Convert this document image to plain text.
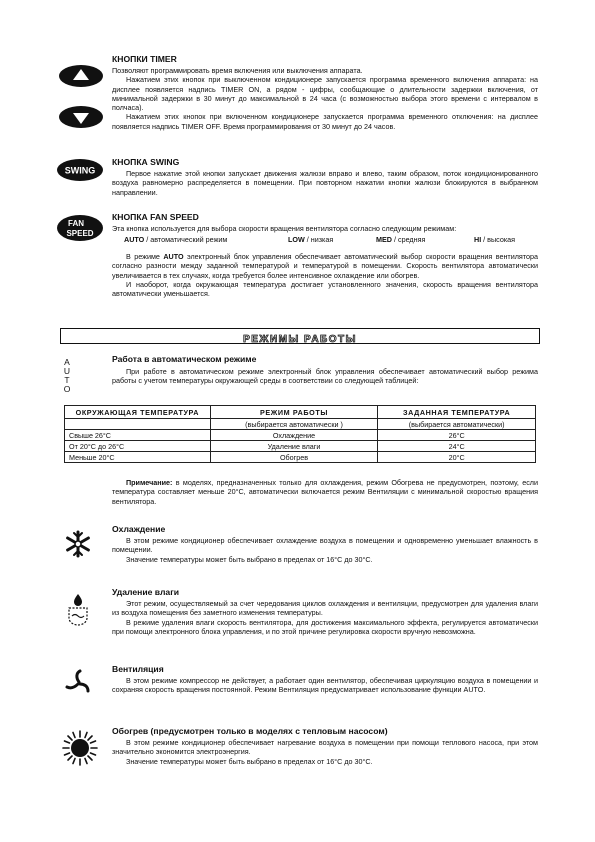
КНОПКИ TIMER

Позволяют программировать время включения или выключения аппарата.

Нажатием этих кнопок при выключенном кондиционере запускается программа временного включения аппарата: на дисплее появляется надпись TIMER ON, а рядом - цифры, сообщающие о длительности задержки включения, от минимальной задержки в 30 минут до максимальной в 24 часа (с возможностью выбора этого времени с интервалом в полчаса).

Нажатием этих кнопок при включенном кондиционере запускается программа временного отключения: на дисплее появляется надпись TIMER OFF. Время программирования от 30 минут до 24 часов.

SWING
КНОПКА SWING

Первое нажатие этой кнопки запускает движения жалюзи вправо и влево, таким образом, поток кондиционированного воздуха равномерно распределяется в помещении. При повторном нажатии кнопки жалюзи блокируются в выбранном направлении.

FAN
SPEED
КНОПКА FAN SPEED

Эта кнопка используется для выбора скорости вращения вентилятора согласно следующим режимам:

AUTO / автоматический режим	LOW / низкая	MED / средняя	HI / высокая

В режиме AUTO электронный блок управления обеспечивает автоматический выбор скорости вращения вентилятора согласно разности между заданной температурой и температурой в помещении. Скорость вентилятора автоматически увеличивается в тех случаях, когда требуется более интенсивное охлаждение или обогрев.

И наоборот, когда окружающая температура достигает установленного значения, скорость вращения вентилятора автоматически уменьшается.

РЕЖИМЫ РАБОТЫ
A
U
T
O
Работа в автоматическом режиме

При работе в автоматическом режиме электронный блок управления обеспечивает автоматический выбор режима работы с учетом температуры окружающей среды в соответствии со следующей таблицей:

ОКРУЖАЮЩАЯ ТЕМПЕРАТУРА	РЕЖИМ РАБОТЫ	ЗАДАННАЯ ТЕМПЕРАТУРА
	(выбирается автоматически )	(выбирается автоматически)
Свыше 26°C	Охлаждение	26°C
От 20°C до 26°C	Удаление влаги	24°C
Меньше 20°C	Обогрев	20°C

Примечание: в моделях, предназначенных только для охлаждения, режим Обогрева не предусмотрен, поэтому, если температура составляет меньше 20°C, автоматически включается режим Вентиляции с минимальной скоростью вращения вентилятора.

Охлаждение

В этом режиме кондиционер обеспечивает охлаждение воздуха в помещении и одновременно уменьшает влажность в помещении.

Значение температуры может быть выбрано в пределах от 16°C до 30°C.

Удаление влаги

Этот режим, осуществляемый за счет чередования циклов охлаждения и вентиляции, предусмотрен для удаления влаги из воздуха помещения без заметного изменения температуры.

В режиме удаления влаги скорость вентилятора, для достижения максимального эффекта, регулируется автоматически при помощи электронного блока управления, и по этой причине регулировка скорости вручную невозможна.

Вентиляция

В этом режиме компрессор не действует, а работает один вентилятор, обеспечивая циркуляцию воздуха в помещении и сохраняя скорость вращения постоянной. Режим Вентиляция предусматривает использование функции AUTO.

Обогрев (предусмотрен только в моделях с тепловым насосом)

В этом режиме кондиционер обеспечивает нагревание воздуха в помещении при помощи теплового насоса, при этом значительно экономится электроэнергия.

Значение температуры может быть выбрано в пределах от 16°C до 30°C.
